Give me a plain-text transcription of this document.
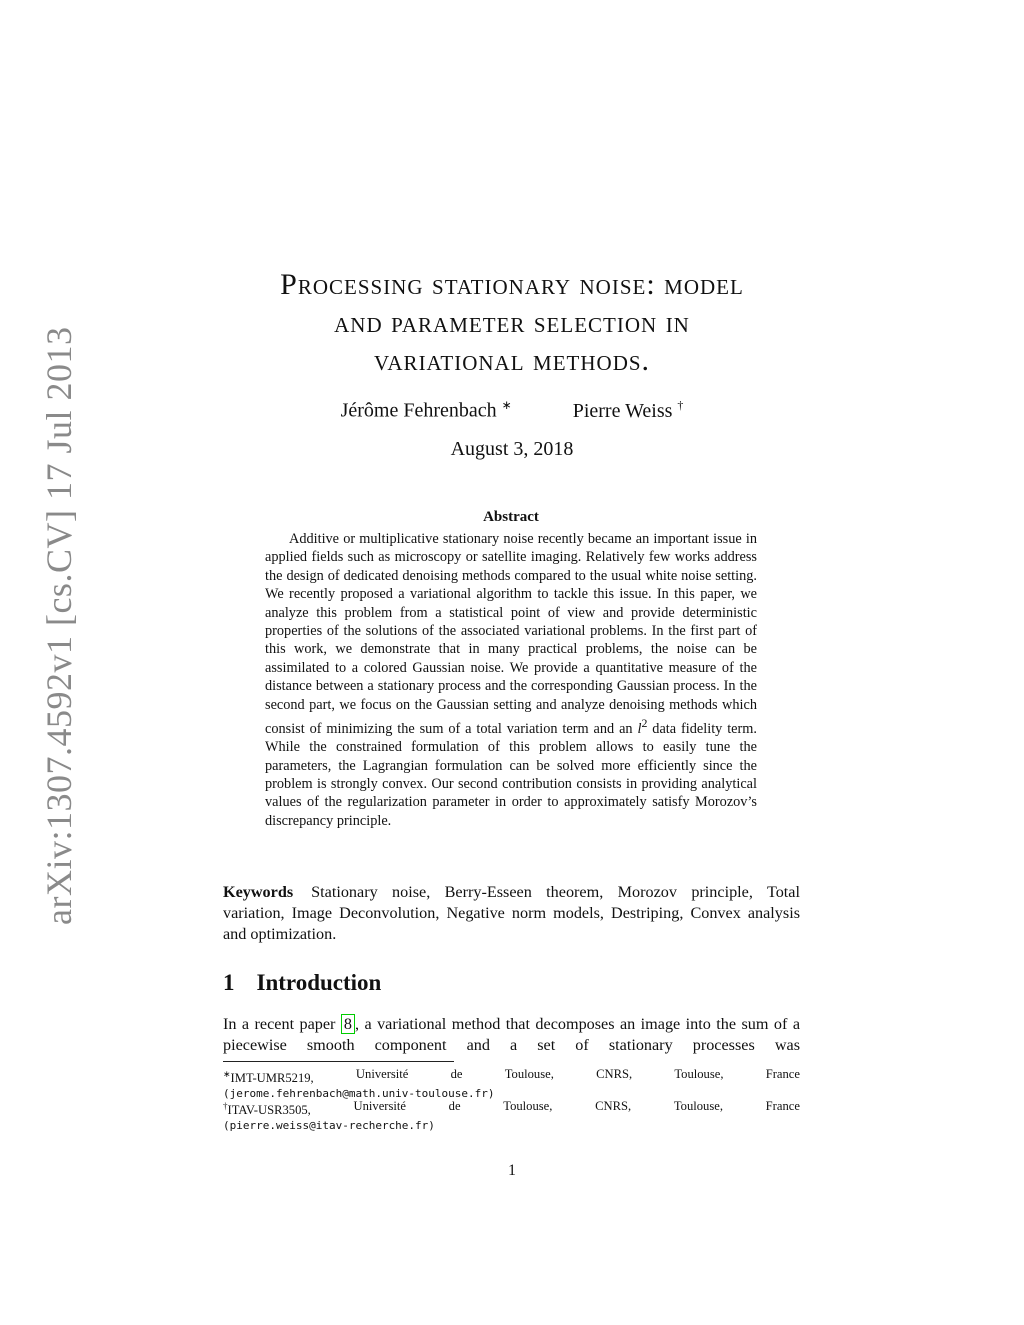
arXiv:1307.4592v1 [cs.CV] 17 Jul 2013
Processing stationary noise: model
and parameter selection in
variational methods.
Jérôme Fehrenbach ∗	Pierre Weiss †
August 3, 2018
Abstract

Additive or multiplicative stationary noise recently became an important issue in applied fields such as microscopy or satellite imaging. Relatively few works address the design of dedicated denoising methods compared to the usual white noise setting. We recently proposed a variational algorithm to tackle this issue. In this paper, we analyze this problem from a statistical point of view and provide deterministic properties of the solutions of the associated variational problems. In the first part of this work, we demonstrate that in many practical problems, the noise can be assimilated to a colored Gaussian noise. We provide a quantitative measure of the distance between a stationary process and the corresponding Gaussian process. In the second part, we focus on the Gaussian setting and analyze denoising methods which consist of minimizing the sum of a total variation term and an $l^2$ data fidelity term. While the constrained formulation of this problem allows to easily tune the parameters, the Lagrangian formulation can be solved more efficiently since the problem is strongly convex. Our second contribution consists in providing analytical values of the regularization parameter in order to approximately satisfy Morozov’s discrepancy principle.

Keywords Stationary noise, Berry-Esseen theorem, Morozov principle, Total variation, Image Deconvolution, Negative norm models, Destriping, Convex analysis and optimization.

1 Introduction

In a recent paper 8 , a variational method that decomposes an image into the sum of a piecewise smooth component and a set of stationary processes was

∗IMT-UMR5219,	Université	de	Toulouse,	CNRS,	Toulouse,	France
(jerome.fehrenbach@math.univ-toulouse.fr)
†ITAV-USR3505,	Université	de	Toulouse,	CNRS,	Toulouse,	France
(pierre.weiss@itav-recherche.fr)
1
